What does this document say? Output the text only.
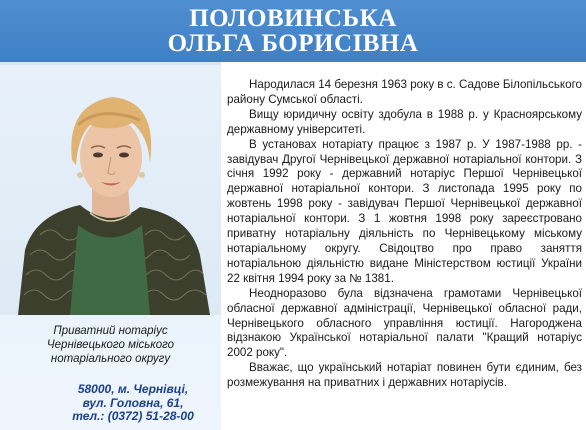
ПОЛОВИНСЬКА
ОЛЬГА БОРИСІВНА
Приватний нотаріус
Чернівецького міського
нотаріального округу
58000, м. Чернівці,
вул. Головна, 61,
тел.: (0372) 51-28-00

Народилася 14 березня 1963 року в с. Садове Білопільського району Сумської області.

Вищу юридичну освіту здобула в 1988 р. у Красноярському державному університеті.

В установах нотаріату працює з 1987 р. У 1987-1988 рр. - завідувач Другої Чернівецької державної нотаріальної контори. З січня 1992 року - державний нотаріус Першої Чернівецької державної нотаріальної контори. З листопада 1995 року по жовтень 1998 року - завідувач Першої Чернівецької державної нотаріальної контори. З 1 жовтня 1998 року зареєстровано приватну нотаріальну діяльність по Чернівецькому міському нотаріальному округу. Свідоцтво про право заняття нотаріальною діяльністю видане Міністерством юстиції України 22 квітня 1994 року за № 1381.

Неодноразово була відзначена грамотами Чернівецької обласної державної адміністрації, Чернівецької обласної ради, Чернівецького обласного управління юстиції. Нагороджена відзнакою Української нотаріальної палати "Кращий нотаріус 2002 року".

Вважає, що український нотаріат повинен бути єдиним, без розмежування на приватних і державних нотаріусів.
